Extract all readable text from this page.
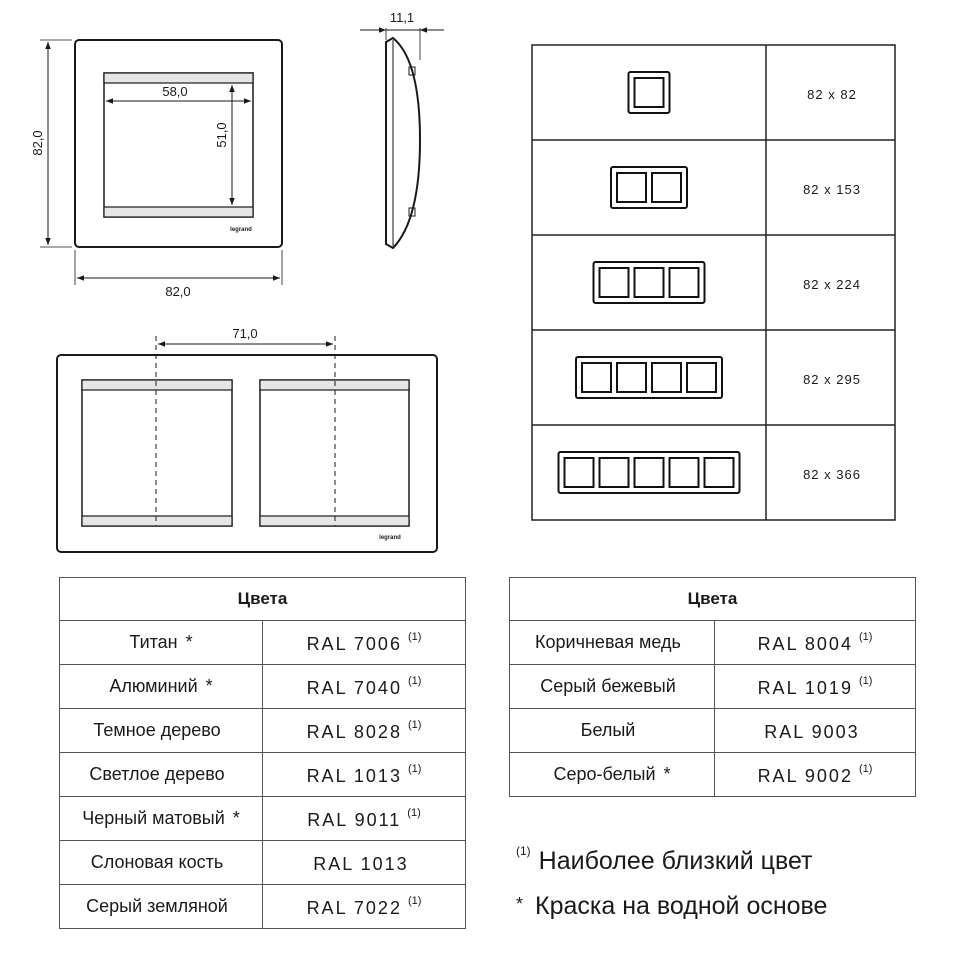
82,0
82,0
58,0
51,0
legrand
11,1
71,0
legrand
82 x 82
82 x 153
82 x 224
82 x 295
82 x 366
Цвета	
Титан *	RAL 7006 $^{(1)}$
Алюминий *	RAL 7040 $^{(1)}$
Темное дерево	RAL 8028 $^{(1)}$
Светлое дерево	RAL 1013 $^{(1)}$
Черный матовый *	RAL 9011 $^{(1)}$
Слоновая кость	RAL 1013
Серый земляной	RAL 7022 $^{(1)}$
Цвета	
Коричневая медь	RAL 8004 $^{(1)}$
Серый бежевый	RAL 1019 $^{(1)}$
Белый	RAL 9003
Серо-белый *	RAL 9002 $^{(1)}$
$^{(1)}$ Наиболее близкий цвет
* Краска на водной основе
